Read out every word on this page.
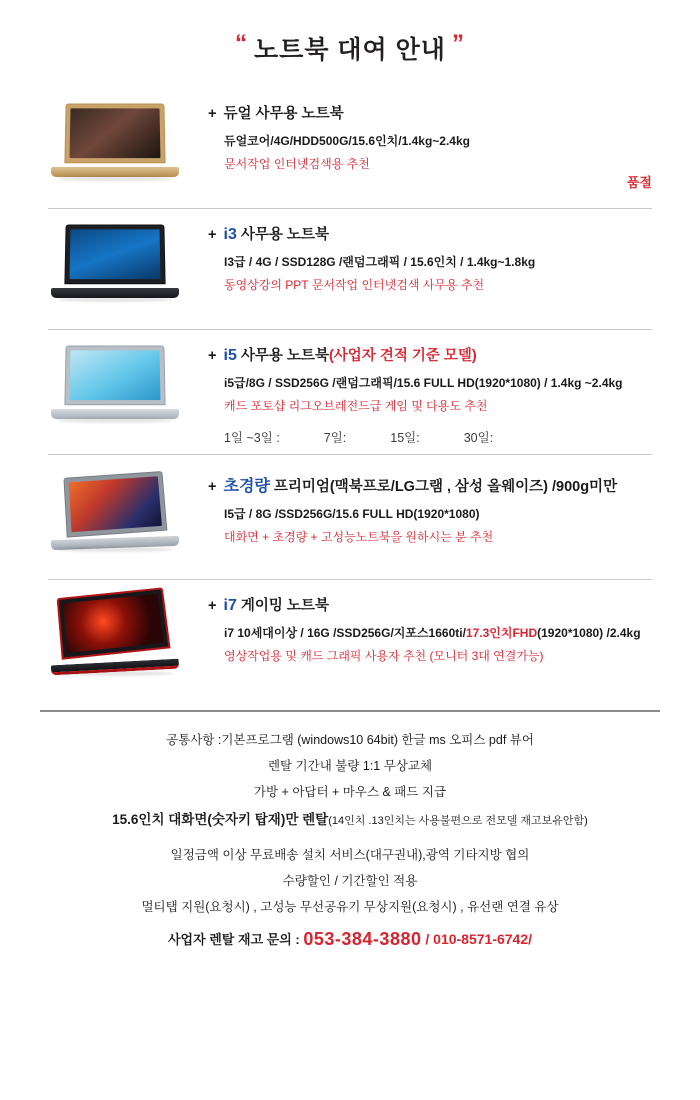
“ 노트북 대여 안내 ”
+ 듀얼 사무용 노트북
듀얼코어/4G/HDD500G/15.6인치/1.4kg~2.4kg
문서작업 인터넷검색용 추천
품절
+ i3 사무용 노트북
I3급 / 4G / SSD128G /랜덤그래픽 / 15.6인치 / 1.4kg~1.8kg
동영상강의 PPT 문서작업 인터넷검색 사무용 추천
+ i5 사무용 노트북(사업자 견적 기준 모델)
i5급/8G / SSD256G /랜덤그래픽/15.6 FULL HD(1920*1080) / 1.4kg ~2.4kg
캐드 포토샵 리그오브레전드급 게임 및 다용도 추천
1일 ~3일 :	7일:	15일:	30일:
+ 초경량 프리미엄(맥북프로/LG그램 , 삼성 올웨이즈) /900g미만
I5급 / 8G /SSD256G/15.6 FULL HD(1920*1080)
대화면 + 초경량 + 고성능노트북을 원하시는 분 추천
+ i7 게이밍 노트북
i7 10세대이상 / 16G /SSD256G/지포스1660ti/17.3인치FHD(1920*1080) /2.4kg
영상작업용 및 캐드 그래픽 사용자 추천 (모니터 3대 연결가능)

공통사항 :기본프로그램 (windows10 64bit) 한글 ms 오피스 pdf 뷰어

렌탈 기간내 불량 1:1 무상교체

가방 + 아답터 + 마우스 & 패드 지급

15.6인치 대화면(숫자키 탑재)만 렌탈(14인치 .13인치는 사용불편으로 전모델 재고보유안함)

일정금액 이상 무료배송 설치 서비스(대구권내),광역 기타지방 협의

수량할인 / 기간할인 적용

멀티탭 지원(요청시) , 고성능 무선공유기 무상지원(요청시) , 유선랜 연결 유상

사업자 렌탈 재고 문의 : 053-384-3880 / 010-8571-6742/
